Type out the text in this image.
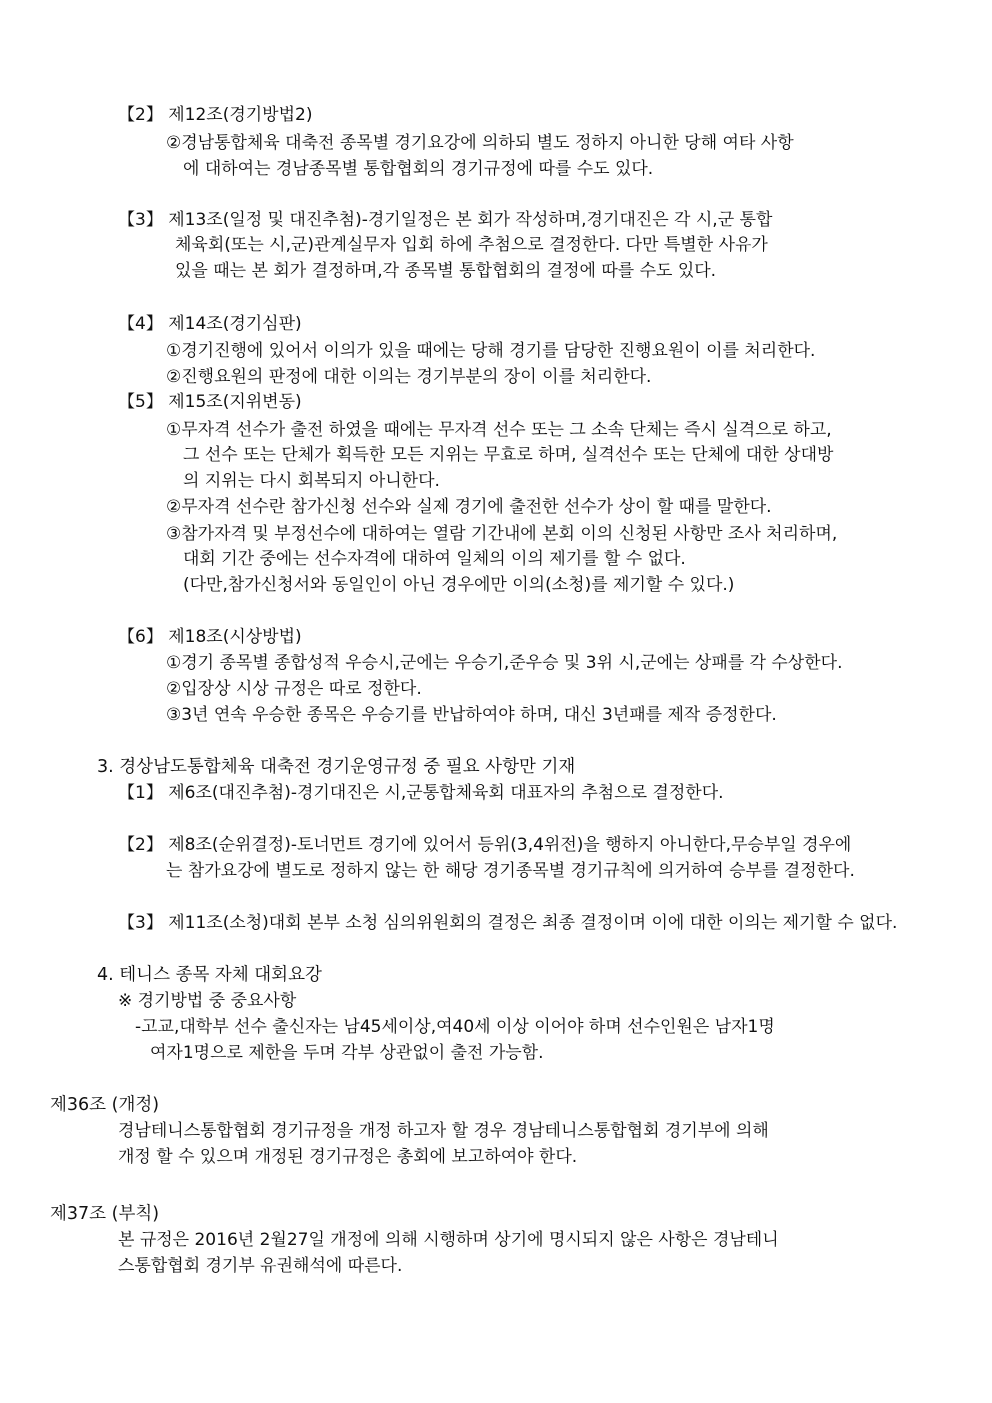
【2】 제12조(경기방법2)
②경남통합체육 대축전 종목별 경기요강에 의하되 별도 정하지 아니한 당해 여타 사항
에 대하여는 경남종목별 통합협회의 경기규정에 따를 수도 있다.
【3】 제13조(일정 및 대진추첨)-경기일정은 본 회가 작성하며,경기대진은 각 시,군 통합
체육회(또는 시,군)관계실무자 입회 하에 추첨으로 결정한다. 다만 특별한 사유가
있을 때는 본 회가 결정하며,각 종목별 통합협회의 결정에 따를 수도 있다.
【4】 제14조(경기심판)
①경기진행에 있어서 이의가 있을 때에는 당해 경기를 담당한 진행요원이 이를 처리한다.
②진행요원의 판정에 대한 이의는 경기부분의 장이 이를 처리한다.
【5】 제15조(지위변동)
①무자격 선수가 출전 하였을 때에는 무자격 선수 또는 그 소속 단체는 즉시 실격으로 하고,
그 선수 또는 단체가 획득한 모든 지위는 무효로 하며, 실격선수 또는 단체에 대한 상대방
의 지위는 다시 회복되지 아니한다.
②무자격 선수란 참가신청 선수와 실제 경기에 출전한 선수가 상이 할 때를 말한다.
③참가자격 및 부정선수에 대하여는 열람 기간내에 본회 이의 신청된 사항만 조사 처리하며,
대회 기간 중에는 선수자격에 대하여 일체의 이의 제기를 할 수 없다.
(다만,참가신청서와 동일인이 아닌 경우에만 이의(소청)를 제기할 수 있다.)
【6】 제18조(시상방법)
①경기 종목별 종합성적 우승시,군에는 우승기,준우승 및 3위 시,군에는 상패를 각 수상한다.
②입장상 시상 규정은 따로 정한다.
③3년 연속 우승한 종목은 우승기를 반납하여야 하며, 대신 3년패를 제작 증정한다.
3. 경상남도통합체육 대축전 경기운영규정 중 필요 사항만 기재
【1】 제6조(대진추첨)-경기대진은 시,군통합체육회 대표자의 추첨으로 결정한다.
【2】 제8조(순위결정)-토너먼트 경기에 있어서 등위(3,4위전)을 행하지 아니한다,무승부일 경우에
는 참가요강에 별도로 정하지 않는 한 해당 경기종목별 경기규칙에 의거하여 승부를 결정한다.
【3】 제11조(소청)대회 본부 소청 심의위원회의 결정은 최종 결정이며 이에 대한 이의는 제기할 수 없다.
4. 테니스 종목 자체 대회요강
※ 경기방법 중 중요사항
-고교,대학부 선수 출신자는 남45세이상,여40세 이상 이어야 하며 선수인원은 남자1명
여자1명으로 제한을 두며 각부 상관없이 출전 가능함.
제36조 (개정)
경남테니스통합협회 경기규정을 개정 하고자 할 경우 경남테니스통합협회 경기부에 의해
개정 할 수 있으며 개정된 경기규정은 총회에 보고하여야 한다.
제37조 (부칙)
본 규정은 2016년 2월27일 개정에 의해 시행하며 상기에 명시되지 않은 사항은 경남테니
스통합협회 경기부 유권해석에 따른다.
